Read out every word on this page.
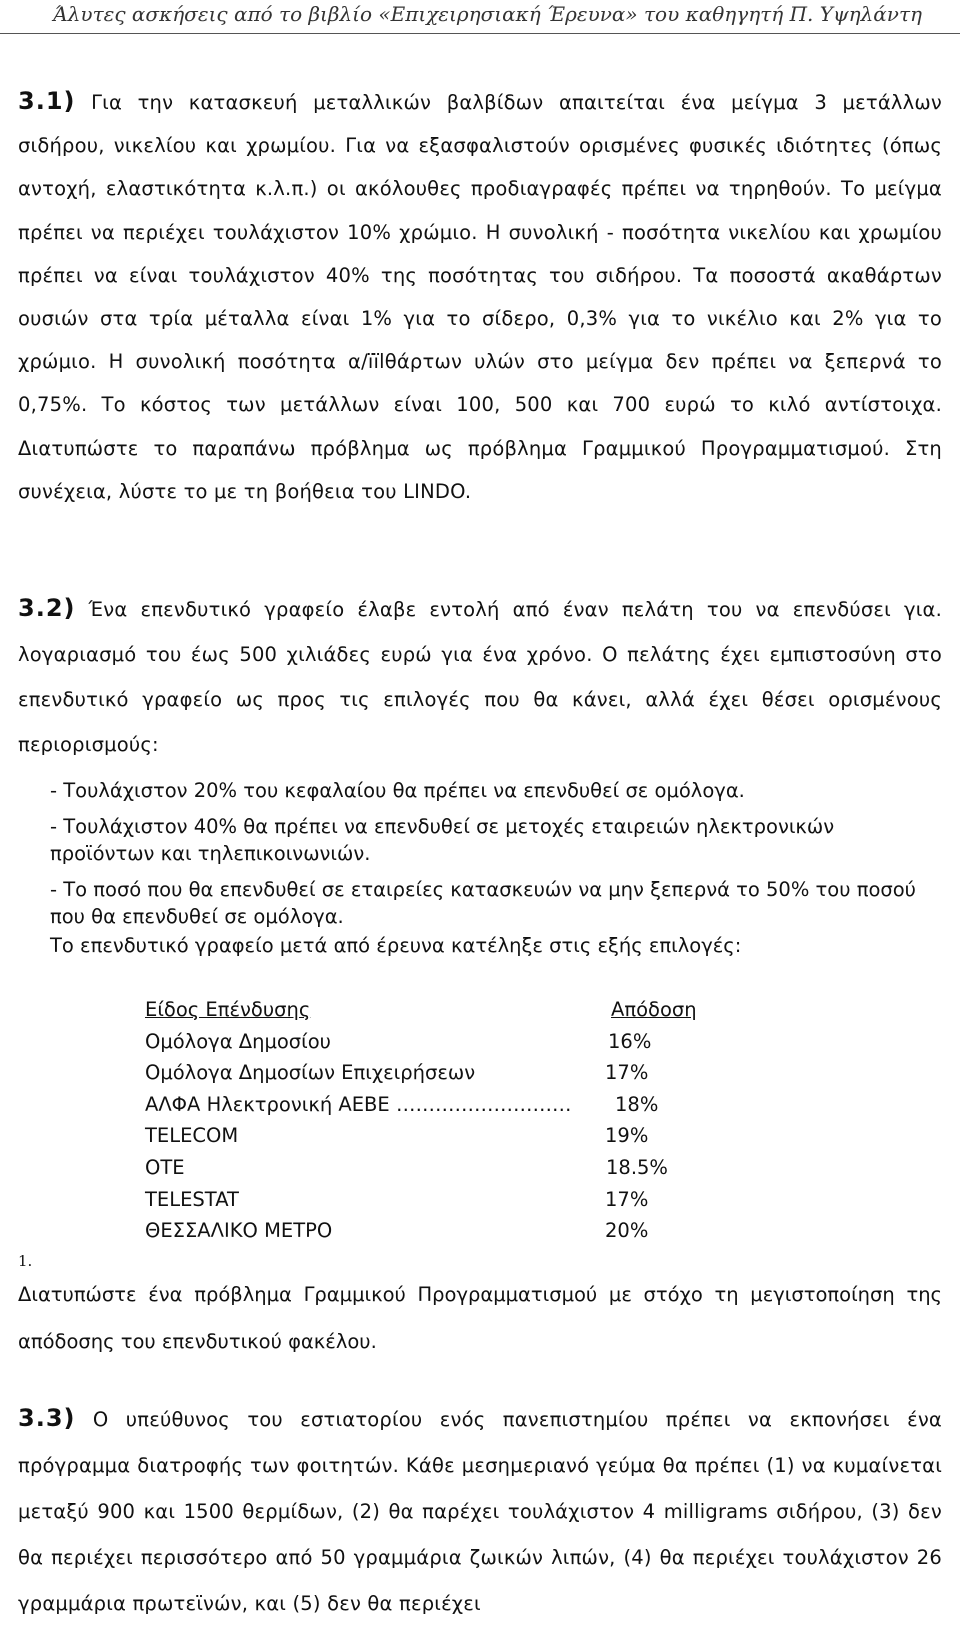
Άλυτες ασκήσεις από το βιβλίο «Επιχειρησιακή Έρευνα» του καθηγητή Π. Υψηλάντη
3.1) Για την κατασκευή μεταλλικών βαλβίδων απαιτείται ένα μείγμα 3 μετάλλων σιδήρου, νικελίου και χρωμίου. Για να εξασφαλιστούν ορισμένες φυσικές ιδιότητες (όπως αντοχή, ελαστικότητα κ.λ.π.) οι ακόλουθες προδιαγραφές πρέπει να τηρηθούν. Το μείγμα πρέπει να περιέχει τουλάχιστον 10% χρώμιο. Η συνολική - ποσότητα νικελίου και χρωμίου πρέπει να είναι τουλάχιστον 40% της ποσότητας του σιδήρου. Τα ποσοστά ακαθάρτων ουσιών στα τρία μέταλλα είναι 1% για το σίδερο, 0,3% για το νικέλιο και 2% για το χρώμιο. Η συνολική ποσότητα α/ïïlθάρτων υλών στο μείγμα δεν πρέπει να ξεπερνά το 0,75%. Το κόστος των μετάλλων είναι 100, 500 και 700 ευρώ το κιλό αντίστοιχα. Διατυπώστε το παραπάνω πρόβλημα ως πρόβλημα Γραμμικού Προγραμματισμού. Στη συνέχεια, λύστε το με τη βοήθεια του LINDO.
3.2) Ένα επενδυτικό γραφείο έλαβε εντολή από έναν πελάτη του να επενδύσει για. λογαριασμό του έως 500 χιλιάδες ευρώ για ένα χρόνο. Ο πελάτης έχει εμπιστοσύνη στο επενδυτικό γραφείο ως προς τις επιλογές που θα κάνει, αλλά έχει θέσει ορισμένους περιορισμούς:

- Τουλάχιστον 20% του κεφαλαίου θα πρέπει να επενδυθεί σε ομόλογα.

- Τουλάχιστον 40% θα πρέπει να επενδυθεί σε μετοχές εταιρειών ηλεκτρονικών προϊόντων και τηλεπικοινωνιών.

- Το ποσό που θα επενδυθεί σε εταιρείες κατασκευών να μην ξεπερνά το 50% του ποσού που θα επενδυθεί σε ομόλογα.

Το επενδυτικό γραφείο μετά από έρευνα κατέληξε στις εξής επιλογές:
Είδος Επένδυσης	Απόδοση
Ομόλογα Δημοσίου	16%
Ομόλογα Δημοσίων Επιχειρήσεων	17%
ΑΛΦΑ Ηλεκτρονική ΑΕΒΕ ……………………… 18%
TELECOM	19%
ΟΤΕ	18.5%
TELESTAT	17%
ΘΕΣΣΑΛΙΚΟ ΜΕΤΡΟ	20%
1.
Διατυπώστε ένα πρόβλημα Γραμμικού Προγραμματισμού με στόχο τη μεγιστοποίηση της απόδοσης του επενδυτικού φακέλου.
3.3) Ο υπεύθυνος του εστιατορίου ενός πανεπιστημίου πρέπει να εκπονήσει ένα πρόγραμμα διατροφής των φοιτητών. Κάθε μεσημεριανό γεύμα θα πρέπει (1) να κυμαίνεται μεταξύ 900 και 1500 θερμίδων, (2) θα παρέχει τουλάχιστον 4 milligrams σιδήρου, (3) δεν θα περιέχει περισσότερο από 50 γραμμάρια ζωικών λιπών, (4) θα περιέχει τουλάχιστον 26 γραμμάρια πρωτεϊνών, και (5) δεν θα περιέχει
